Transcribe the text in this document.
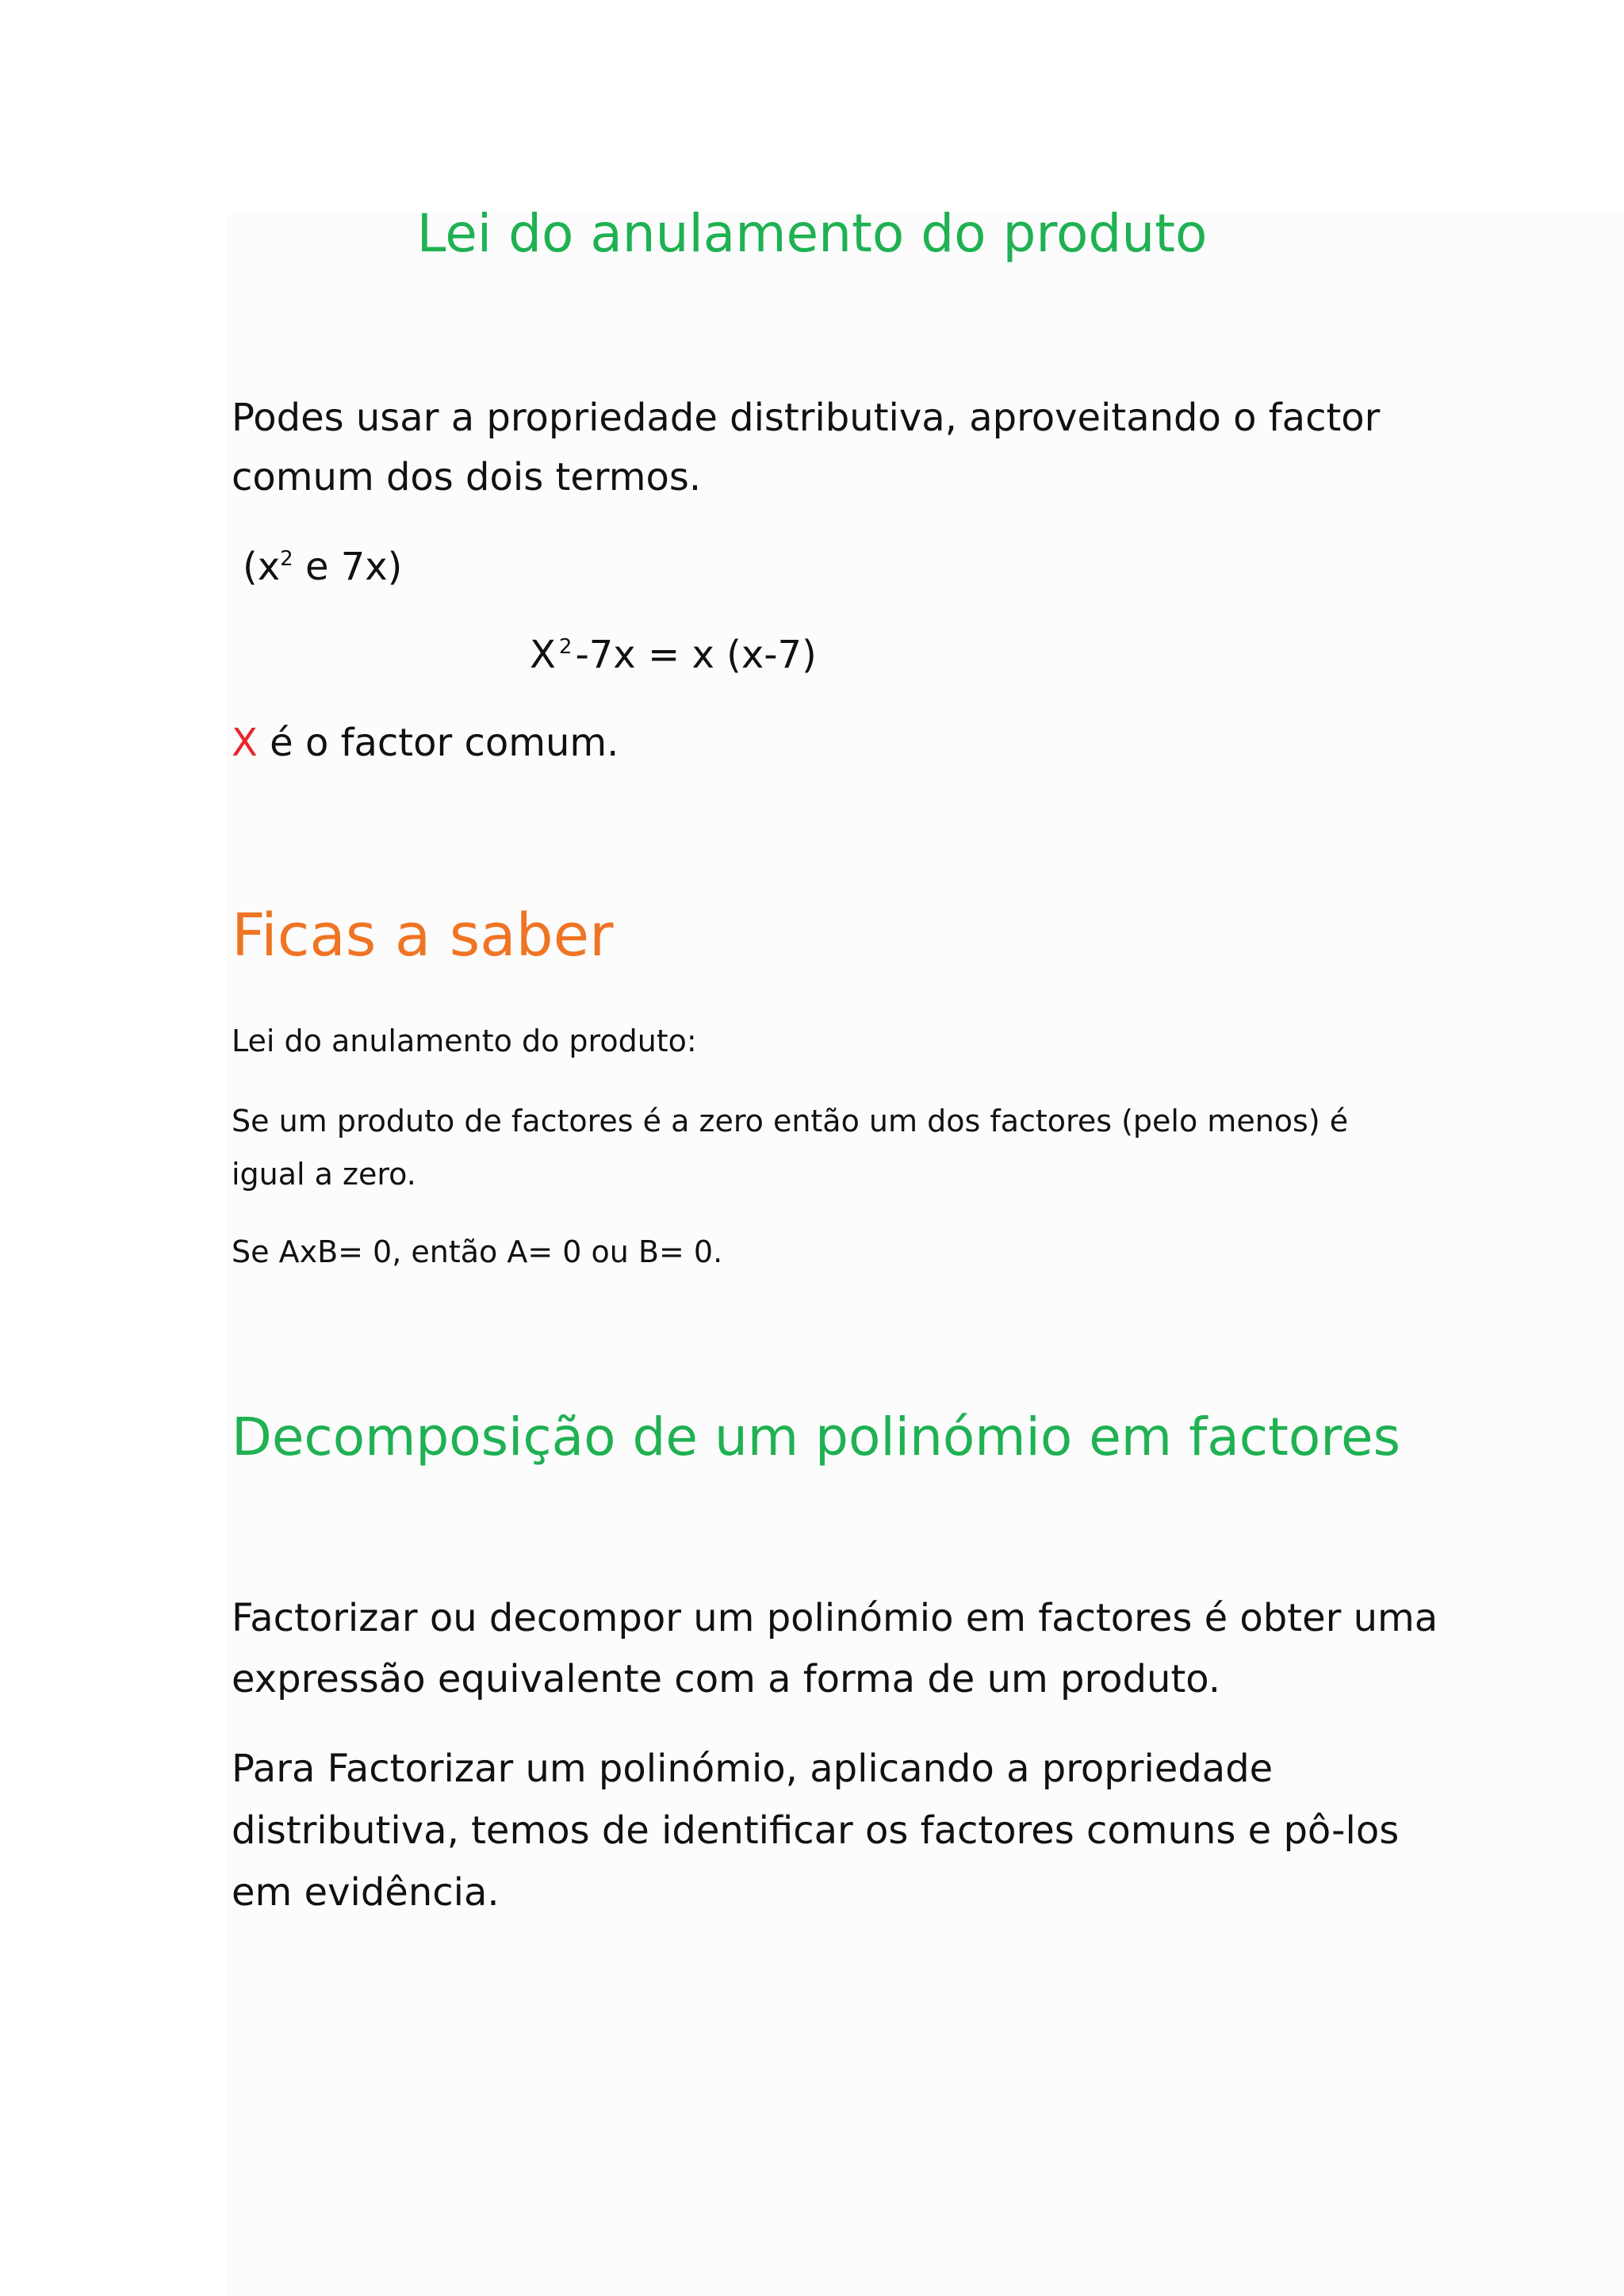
Lei do anulamento do produto

Podes usar a propriedade distributiva, aproveitando o factor

comum dos dois termos.

($x^2$ e 7x)

X $^2$-7x = x (x-7)

X é o factor comum.

Ficas a saber

Lei do anulamento do produto:

Se um produto de factores é a zero então um dos factores (pelo menos) é

igual a zero.

Se AxB= 0, então A= 0 ou B= 0.

Decomposição de um polinómio em factores

Factorizar ou decompor um polinómio em factores é obter uma

expressão equivalente com a forma de um produto.

Para Factorizar um polinómio, aplicando a propriedade

distributiva, temos de identificar os factores comuns e pô-los

em evidência.
